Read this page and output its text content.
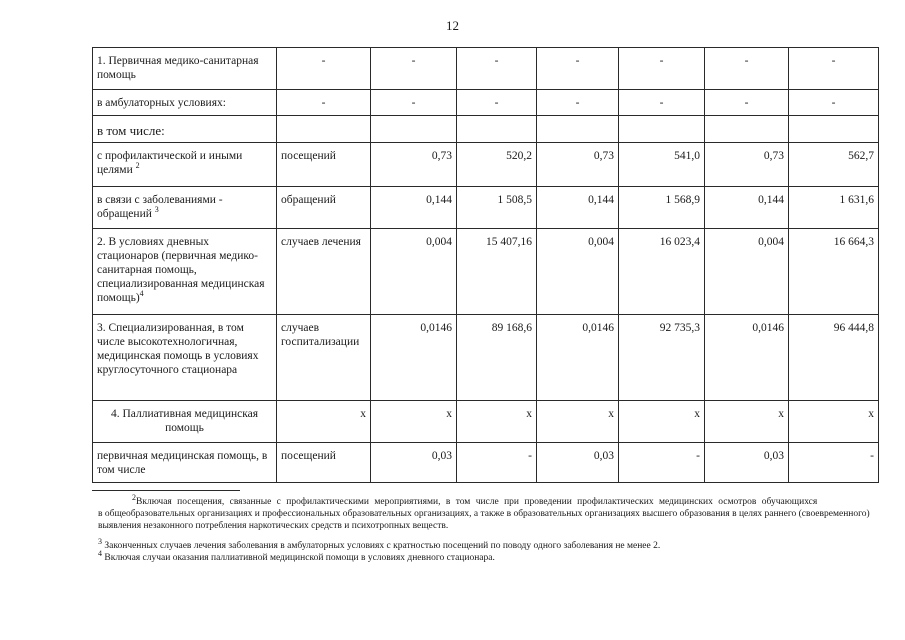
12
1. Первичная медико-санитарная помощь	-	-	-	-	-	-	-
в амбулаторных условиях:	-	-	-	-	-	-	-
в том числе:							
с профилактической и иными целями $^2$	посещений	0,73	520,2	0,73	541,0	0,73	562,7
в связи с заболеваниями - обращений $^3$	обращений	0,144	1 508,5	0,144	1 568,9	0,144	1 631,6
2. В условиях дневных стационаров (первичная медико-санитарная помощь, специализированная медицинская помощь)$^4$	случаев лечения	0,004	15 407,16	0,004	16 023,4	0,004	16 664,3
3. Специализированная, в том числе высокотехнологичная, медицинская помощь в условиях круглосуточного стационара	случаев госпитализации	0,0146	89 168,6	0,0146	92 735,3	0,0146	96 444,8
4. Паллиативная медицинская помощь	х	х	х	х	х	х	х
первичная медицинская помощь, в том числе	посещений	0,03	-	0,03	-	0,03	-

$^2$Включая посещения, связанные с профилактическими мероприятиями, в том числе при проведении профилактических медицинских осмотров обучающихся

в общеобразовательных организациях и профессиональных образовательных организациях, а также в образовательных организациях высшего образования в целях раннего (своевременного) выявления незаконного потребления наркотических средств и психотропных веществ.

$^3$ Законченных случаев лечения заболевания в амбулаторных условиях с кратностью посещений по поводу одного заболевания не менее 2.

$^4$ Включая случаи оказания паллиативной медицинской помощи в условиях дневного стационара.
